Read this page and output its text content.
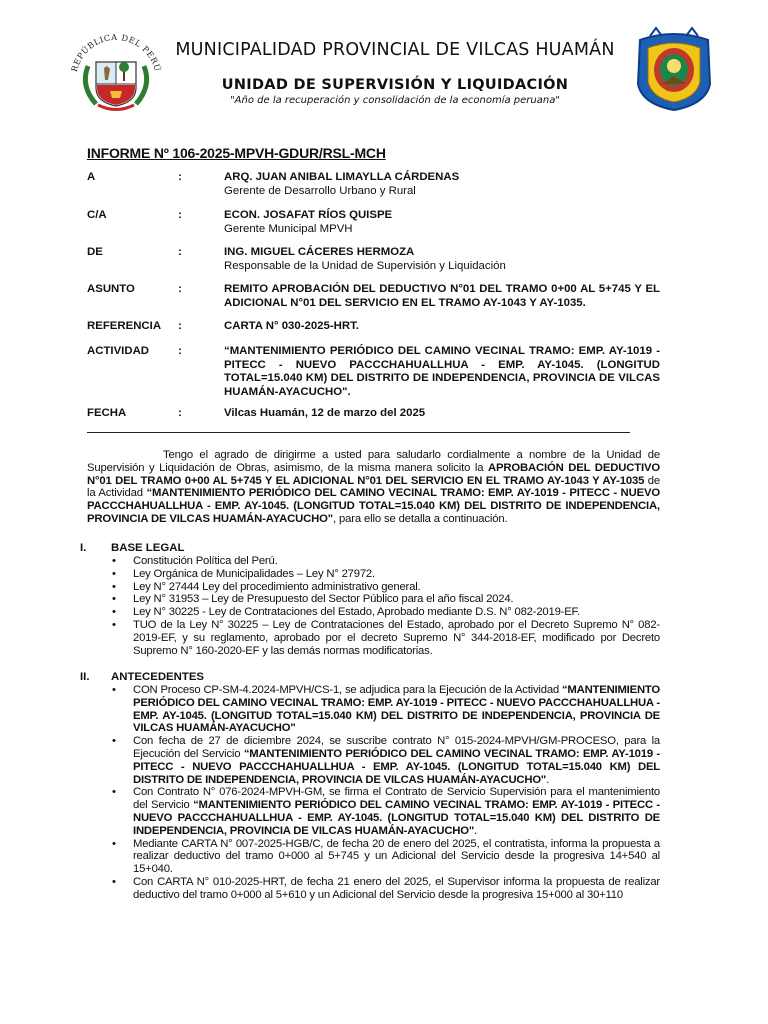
REPÚBLICA DEL PERÚ
MUNICIPALIDAD PROVINCIAL DE VILCAS HUAMÁN
UNIDAD DE SUPERVISIÓN Y LIQUIDACIÓN
"Año de la recuperación y consolidación de la economía peruana"
INFORME Nº 106-2025-MPVH-GDUR/RSL-MCH
A	:	ARQ. JUAN ANIBAL LIMAYLLA CÁRDENAS
Gerente de Desarrollo Urbano y Rural
C/A	:	ECON. JOSAFAT RÍOS QUISPE
Gerente Municipal MPVH
DE	:	ING. MIGUEL CÁCERES HERMOZA
Responsable de la Unidad de Supervisión y Liquidación
ASUNTO	:	REMITO APROBACIÓN DEL DEDUCTIVO N°01 DEL TRAMO 0+00 AL 5+745 Y EL ADICIONAL N°01 DEL SERVICIO EN EL TRAMO AY-1043 Y AY-1035.
REFERENCIA :	CARTA N° 030-2025-HRT.
ACTIVIDAD	:	“MANTENIMIENTO PERIÓDICO DEL CAMINO VECINAL TRAMO: EMP. AY-1019 - PITECC - NUEVO PACCCHAHUALLHUA - EMP. AY-1045. (LONGITUD TOTAL=15.040 KM) DEL DISTRITO DE INDEPENDENCIA, PROVINCIA DE VILCAS HUAMÁN-AYACUCHO".
FECHA	:	Vilcas Huamán, 12 de marzo del 2025
Tengo el agrado de dirigirme a usted para saludarlo cordialmente a nombre de la Unidad de Supervisión y Liquidación de Obras, asimismo, de la misma manera solicito la APROBACIÓN DEL DEDUCTIVO N°01 DEL TRAMO 0+00 AL 5+745 Y EL ADICIONAL N°01 DEL SERVICIO EN EL TRAMO AY-1043 Y AY-1035 de la Actividad “MANTENIMIENTO PERIÓDICO DEL CAMINO VECINAL TRAMO: EMP. AY-1019 - PITECC - NUEVO PACCCHAHUALLHUA - EMP. AY-1045. (LONGITUD TOTAL=15.040 KM) DEL DISTRITO DE INDEPENDENCIA, PROVINCIA DE VILCAS HUAMÁN-AYACUCHO", para ello se detalla a continuación.
I. BASE LEGAL
• Constitución Política del Perú.
• Ley Orgánica de Municipalidades – Ley N° 27972.
• Ley N° 27444 Ley del procedimiento administrativo general.
• Ley N° 31953 – Ley de Presupuesto del Sector Público para el año fiscal 2024.
• Ley N° 30225 - Ley de Contrataciones del Estado, Aprobado mediante D.S. N° 082-2019-EF.
• TUO de la Ley N° 30225 – Ley de Contrataciones del Estado, aprobado por el Decreto Supremo N° 082-2019-EF, y su reglamento, aprobado por el decreto Supremo N° 344-2018-EF, modificado por Decreto Supremo N° 160-2020-EF y las demás normas modificatorias.
II. ANTECEDENTES
• CON Proceso CP-SM-4.2024-MPVH/CS-1, se adjudica para la Ejecución de la Actividad “MANTENIMIENTO PERIÓDICO DEL CAMINO VECINAL TRAMO: EMP. AY-1019 - PITECC - NUEVO PACCCHAHUALLHUA - EMP. AY-1045. (LONGITUD TOTAL=15.040 KM) DEL DISTRITO DE INDEPENDENCIA, PROVINCIA DE VILCAS HUAMÁN-AYACUCHO"
• Con fecha de 27 de diciembre 2024, se suscribe contrato N° 015-2024-MPVH/GM-PROCESO, para la Ejecución del Servicio “MANTENIMIENTO PERIÓDICO DEL CAMINO VECINAL TRAMO: EMP. AY-1019 - PITECC - NUEVO PACCCHAHUALLHUA - EMP. AY-1045. (LONGITUD TOTAL=15.040 KM) DEL DISTRITO DE INDEPENDENCIA, PROVINCIA DE VILCAS HUAMÁN-AYACUCHO".
• Con Contrato N° 076-2024-MPVH-GM, se firma el Contrato de Servicio Supervisión para el mantenimiento del Servicio “MANTENIMIENTO PERIÓDICO DEL CAMINO VECINAL TRAMO: EMP. AY-1019 - PITECC - NUEVO PACCCHAHUALLHUA - EMP. AY-1045. (LONGITUD TOTAL=15.040 KM) DEL DISTRITO DE INDEPENDENCIA, PROVINCIA DE VILCAS HUAMÁN-AYACUCHO".
• Mediante CARTA N° 007-2025-HGB/C, de fecha 20 de enero del 2025, el contratista, informa la propuesta a realizar deductivo del tramo 0+000 al 5+745 y un Adicional del Servicio desde la progresiva 14+540 al 15+040.
• Con CARTA N° 010-2025-HRT, de fecha 21 enero del 2025, el Supervisor informa la propuesta de realizar deductivo del tramo 0+000 al 5+610 y un Adicional del Servicio desde la progresiva 15+000 al 30+110
